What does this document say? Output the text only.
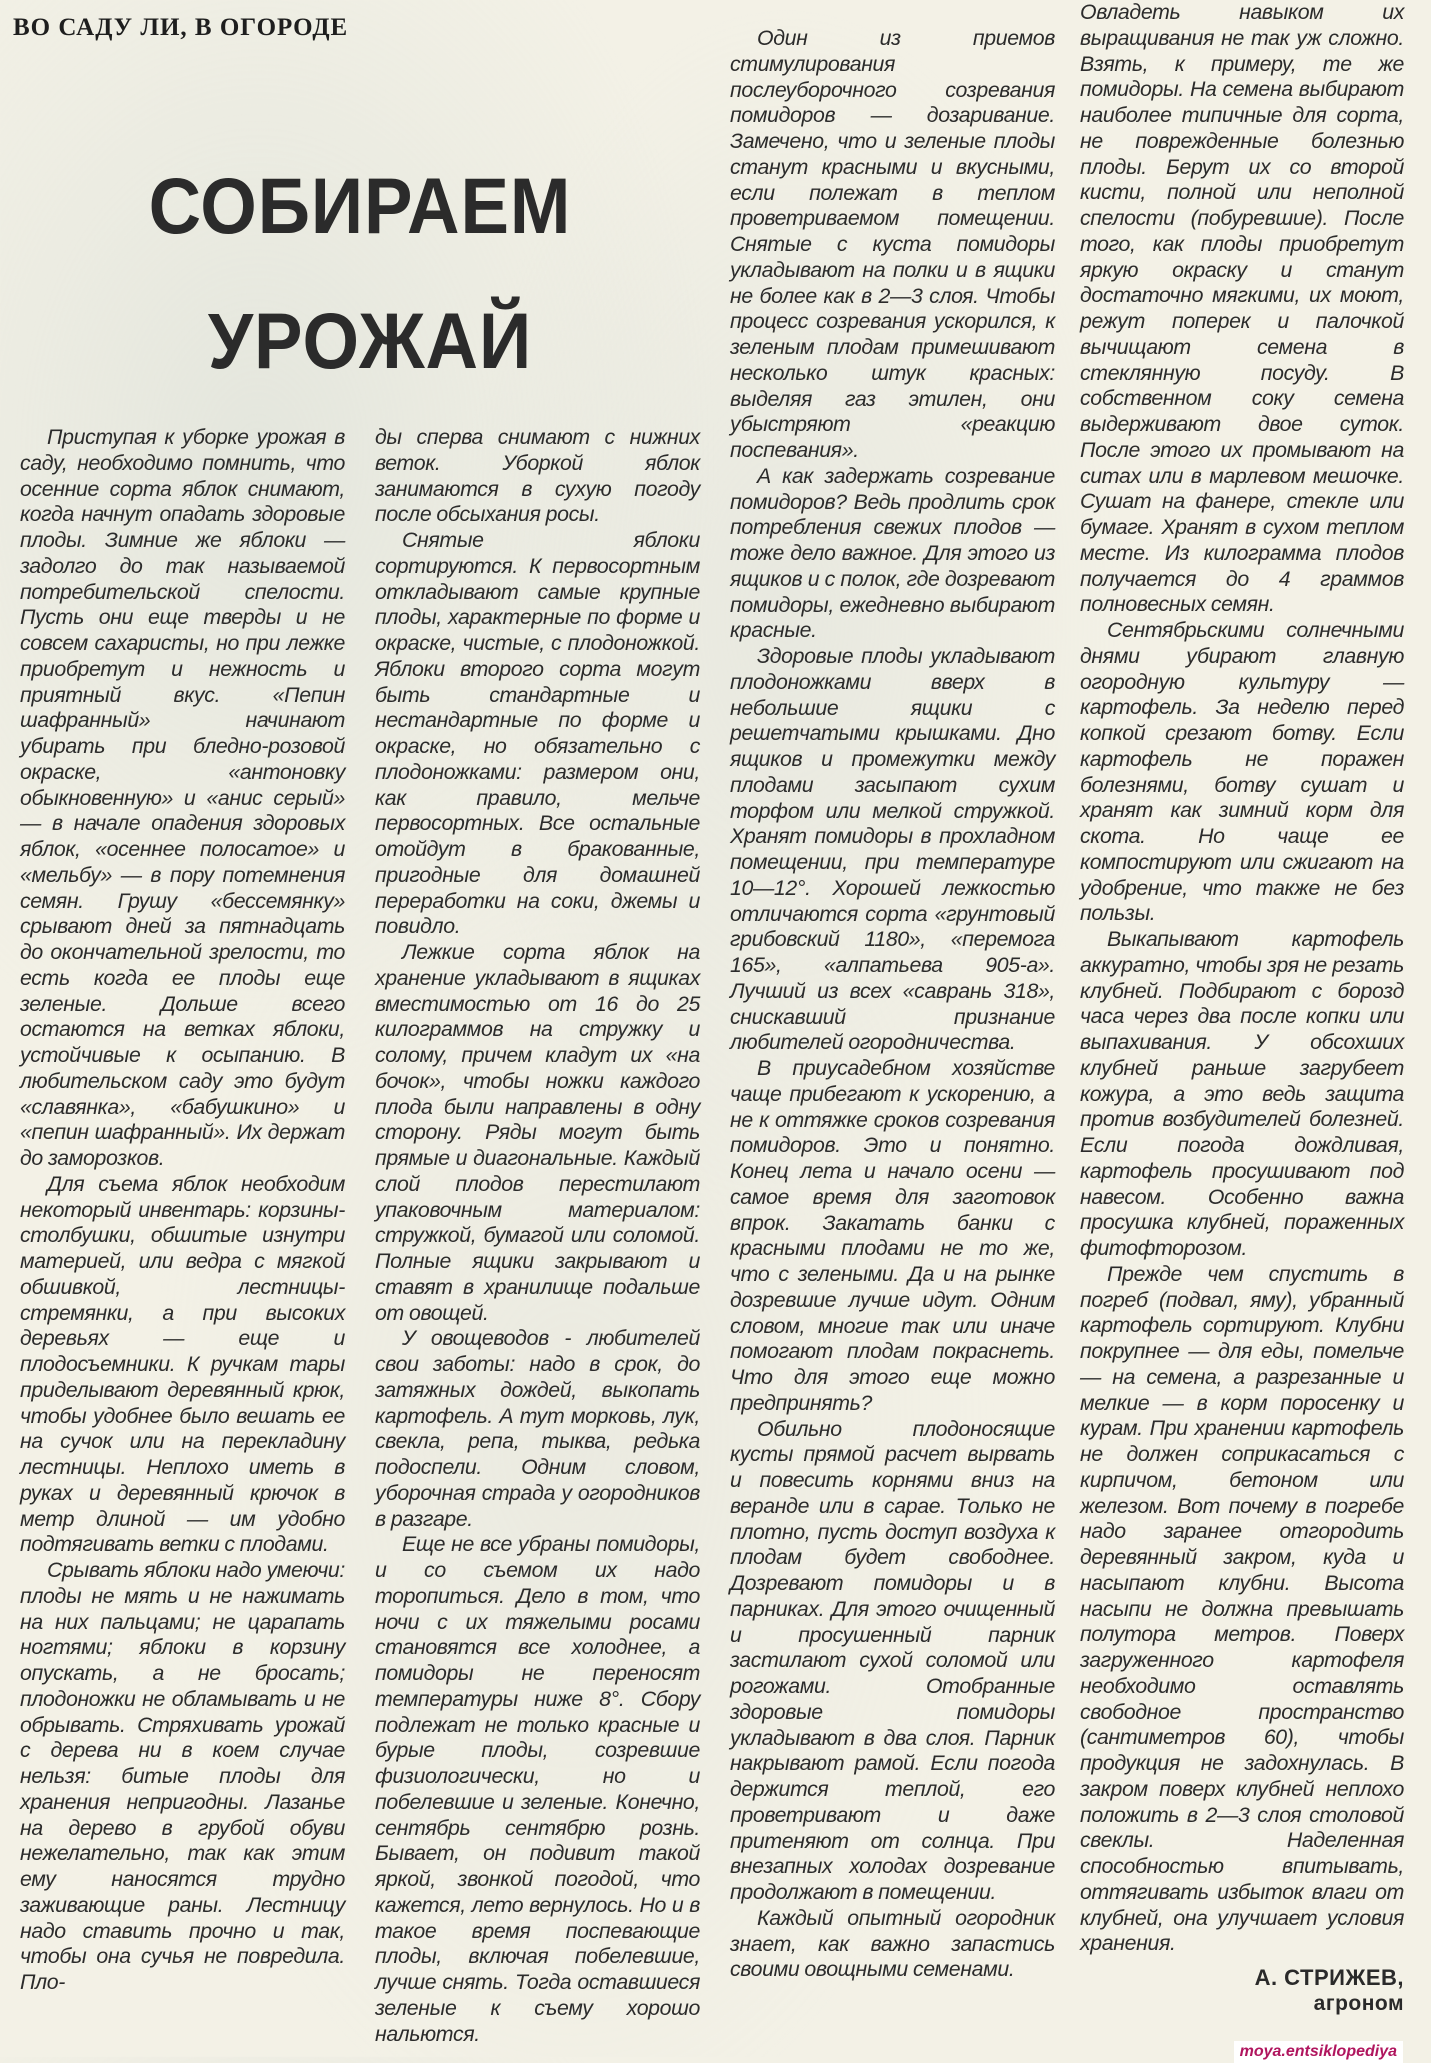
ВО САДУ ЛИ, В ОГОРОДЕ
СОБИРАЕМ
УРОЖАЙ

Приступая к уборке урожая в саду, необходимо помнить, что осенние сорта яблок снимают, когда начнут опадать здоровые плоды. Зимние же яблоки — задолго до так называемой потребительской спелости. Пусть они еще тверды и не совсем сахаристы, но при лежке приобретут и нежность и приятный вкус. «Пепин шафранный» начинают убирать при бледно-розовой окраске, «антоновку обыкновенную» и «анис серый» — в начале опадения здоровых яблок, «осеннее полосатое» и «мельбу» — в пору потемнения семян. Грушу «бессемянку» срывают дней за пятнадцать до окончательной зрелости, то есть когда ее плоды еще зеленые. Дольше всего остаются на ветках яблоки, устойчивые к осыпанию. В любительском саду это будут «славянка», «бабушкино» и «пепин шафранный». Их держат до заморозков.

Для съема яблок необходим некоторый инвентарь: корзины-столбушки, обшитые изнутри материей, или ведра с мягкой обшивкой, лестницы-стремянки, а при высоких деревьях — еще и плодосъемники. К ручкам тары приделывают деревянный крюк, чтобы удобнее было вешать ее на сучок или на перекладину лестницы. Неплохо иметь в руках и деревянный крючок в метр длиной — им удобно подтягивать ветки с плодами.

Срывать яблоки надо умеючи: плоды не мять и не нажимать на них пальцами; не царапать ногтями; яблоки в корзину опускать, а не бросать; плодоножки не обламывать и не обрывать. Стряхивать урожай с дерева ни в коем случае нельзя: битые плоды для хранения непригодны. Лазанье на дерево в грубой обуви нежелательно, так как этим ему наносятся трудно заживающие раны. Лестницу надо ставить прочно и так, чтобы она сучья не повредила. Пло-

ды сперва снимают с нижних веток. Уборкой яблок занимаются в сухую погоду после обсыхания росы.

Снятые яблоки сортируются. К первосортным откладывают самые крупные плоды, характерные по форме и окраске, чистые, с плодоножкой. Яблоки второго сорта могут быть стандартные и нестандартные по форме и окраске, но обязательно с плодоножками: размером они, как правило, мельче первосортных. Все остальные отойдут в бракованные, пригодные для домашней переработки на соки, джемы и повидло.

Лежкие сорта яблок на хранение укладывают в ящиках вместимостью от 16 до 25 килограммов на стружку и солому, причем кладут их «на бочок», чтобы ножки каждого плода были направлены в одну сторону. Ряды могут быть прямые и диагональные. Каждый слой плодов перестилают упаковочным материалом: стружкой, бумагой или соломой. Полные ящики закрывают и ставят в хранилище подальше от овощей.

У овощеводов - любителей свои заботы: надо в срок, до затяжных дождей, выкопать картофель. А тут морковь, лук, свекла, репа, тыква, редька подоспели. Одним словом, уборочная страда у огородников в разгаре.

Еще не все убраны помидоры, и со съемом их надо торопиться. Дело в том, что ночи с их тяжелыми росами становятся все холоднее, а помидоры не переносят температуры ниже 8°. Сбору подлежат не только красные и бурые плоды, созревшие физиологически, но и побелевшие и зеленые. Конечно, сентябрь сентябрю рознь. Бывает, он подивит такой яркой, звонкой погодой, что кажется, лето вернулось. Но и в такое время поспевающие плоды, включая побелевшие, лучше снять. Тогда оставшиеся зеленые к съему хорошо нальются.

Один из приемов стимулирования послеуборочного созревания помидоров — дозаривание. Замечено, что и зеленые плоды станут красными и вкусными, если полежат в теплом проветриваемом помещении. Снятые с куста помидоры укладывают на полки и в ящики не более как в 2—3 слоя. Чтобы процесс созревания ускорился, к зеленым плодам примешивают несколько штук красных: выделяя газ этилен, они убыстряют «реакцию поспевания».

А как задержать созревание помидоров? Ведь продлить срок потребления свежих плодов — тоже дело важное. Для этого из ящиков и с полок, где дозревают помидоры, ежедневно выбирают красные.

Здоровые плоды укладывают плодоножками вверх в небольшие ящики с решетчатыми крышками. Дно ящиков и промежутки между плодами засыпают сухим торфом или мелкой стружкой. Хранят помидоры в прохладном помещении, при температуре 10—12°. Хорошей лежкостью отличаются сорта «грунтовый грибовский 1180», «перемога 165», «алпатьева 905-а». Лучший из всех «саврань 318», снискавший признание любителей огородничества.

В приусадебном хозяйстве чаще прибегают к ускорению, а не к оттяжке сроков созревания помидоров. Это и понятно. Конец лета и начало осени — самое время для заготовок впрок. Закатать банки с красными плодами не то же, что с зелеными. Да и на рынке дозревшие лучше идут. Одним словом, многие так или иначе помогают плодам покраснеть. Что для этого еще можно предпринять?

Обильно плодоносящие кусты прямой расчет вырвать и повесить корнями вниз на веранде или в сарае. Только не плотно, пусть доступ воздуха к плодам будет свободнее. Дозревают помидоры и в парниках. Для этого очищенный и просушенный парник застилают сухой соломой или рогожами. Отобранные здоровые помидоры укладывают в два слоя. Парник накрывают рамой. Если погода держится теплой, его проветривают и даже притеняют от солнца. При внезапных холодах дозревание продолжают в помещении.

Каждый опытный огородник знает, как важно запастись своими овощными семенами.

Овладеть навыком их выращивания не так уж сложно. Взять, к примеру, те же помидоры. На семена выбирают наиболее типичные для сорта, не поврежденные болезнью плоды. Берут их со второй кисти, полной или неполной спелости (побуревшие). После того, как плоды приобретут яркую окраску и станут достаточно мягкими, их моют, режут поперек и палочкой вычищают семена в стеклянную посуду. В собственном соку семена выдерживают двое суток. После этого их промывают на ситах или в марлевом мешочке. Сушат на фанере, стекле или бумаге. Хранят в сухом теплом месте. Из килограмма плодов получается до 4 граммов полновесных семян.

Сентябрьскими солнечными днями убирают главную огородную культуру — картофель. За неделю перед копкой срезают ботву. Если картофель не поражен болезнями, ботву сушат и хранят как зимний корм для скота. Но чаще ее компостируют или сжигают на удобрение, что также не без пользы.

Выкапывают картофель аккуратно, чтобы зря не резать клубней. Подбирают с борозд часа через два после копки или выпахивания. У обсохших клубней раньше загрубеет кожура, а это ведь защита против возбудителей болезней. Если погода дождливая, картофель просушивают под навесом. Особенно важна просушка клубней, пораженных фитофторозом.

Прежде чем спустить в погреб (подвал, яму), убранный картофель сортируют. Клубни покрупнее — для еды, помельче — на семена, а разрезанные и мелкие — в корм поросенку и курам. При хранении картофель не должен соприкасаться с кирпичом, бетоном или железом. Вот почему в погребе надо заранее отгородить деревянный закром, куда и насыпают клубни. Высота насыпи не должна превышать полутора метров. Поверх загруженного картофеля необходимо оставлять свободное пространство (сантиметров 60), чтобы продукция не задохнулась. В закром поверх клубней неплохо положить в 2—3 слоя столовой свеклы. Наделенная способностью впитывать, оттягивать избыток влаги от клубней, она улучшает условия хранения.

А. СТРИЖЕВ,
агроном
moya.entsiklopediya
